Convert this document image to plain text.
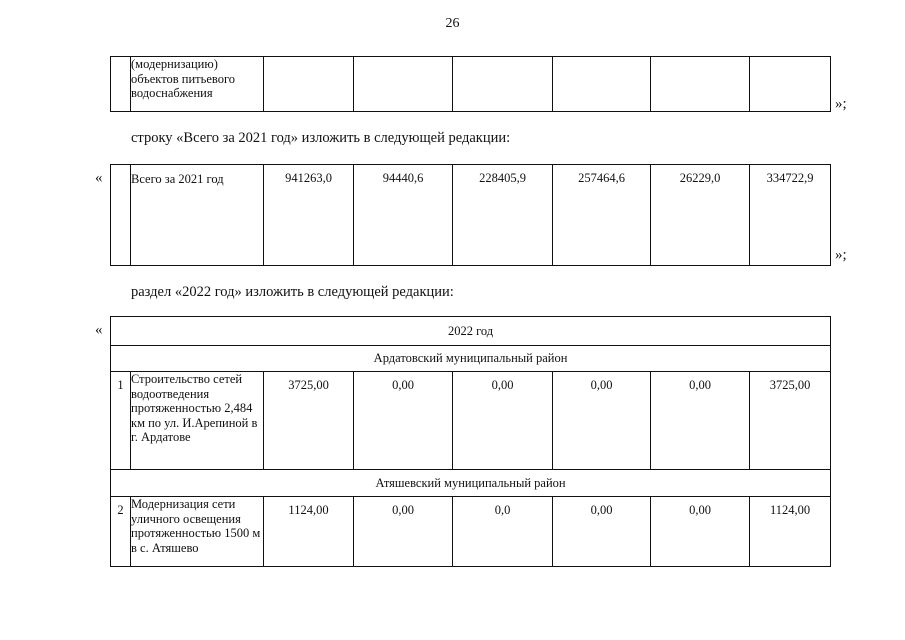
26
	(модернизацию) объектов питьевого водоснабжения						
»;
строку «Всего за 2021 год» изложить в следующей редакции:
«
	Всего за 2021 год	941263,0	94440,6	228405,9	257464,6	26229,0	334722,9
»;
раздел «2022 год» изложить в следующей редакции:
«	2022 год							
Ардатовский муниципальный район							
1	Строительство сетей водоотведения протяженностью 2,484 км по ул. И.Арепиной в г. Ардатове	3725,00	0,00	0,00	0,00	0,00	3725,00
Атяшевский муниципальный район							
2	Модернизация сети уличного освещения протяженностью 1500 м в с. Атяшево	1124,00	0,00	0,0	0,00	0,00	1124,00
